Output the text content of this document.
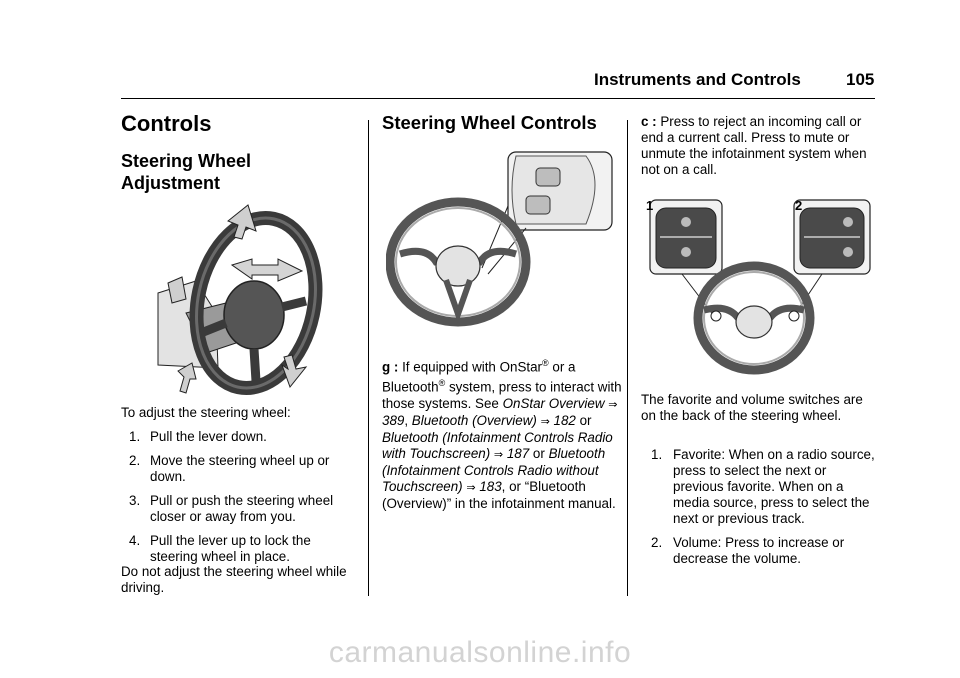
Instruments and Controls	105
Controls
Steering Wheel Adjustment
To adjust the steering wheel:
1. Pull the lever down.
2. Move the steering wheel up or down.
3. Pull or push the steering wheel closer or away from you.
4. Pull the lever up to lock the steering wheel in place.
Do not adjust the steering wheel while driving.
Steering Wheel Controls
g : If equipped with OnStar® or a Bluetooth® system, press to interact with those systems. See OnStar Overview ⇒ 389, Bluetooth (Overview) ⇒ 182 or Bluetooth (Infotainment Controls Radio with Touchscreen) ⇒ 187 or Bluetooth (Infotainment Controls Radio without Touchscreen) ⇒ 183, or “Bluetooth (Overview)” in the infotainment manual.
c : Press to reject an incoming call or end a current call. Press to mute or unmute the infotainment system when not on a call.
1	2
The favorite and volume switches are on the back of the steering wheel.
1. Favorite: When on a radio source, press to select the next or previous favorite. When on a media source, press to select the next or previous track.
2. Volume: Press to increase or decrease the volume.
carmanualsonline.info
